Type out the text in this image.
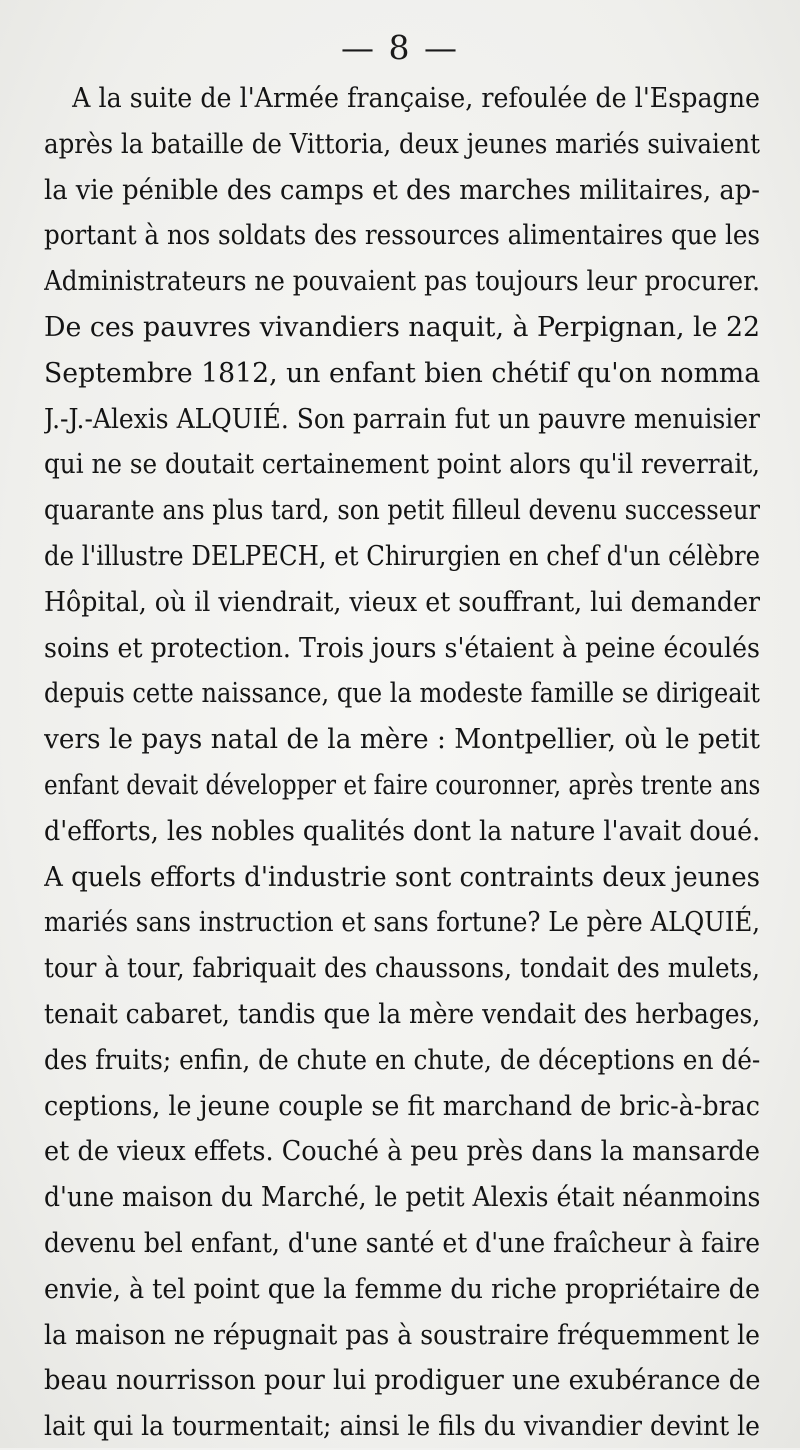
— 8 —
A la suite de l'Armée française, refoulée de l'Espagne
après la bataille de Vittoria, deux jeunes mariés suivaient
la vie pénible des camps et des marches militaires, ap-
portant à nos soldats des ressources alimentaires que les
Administrateurs ne pouvaient pas toujours leur procurer.
De ces pauvres vivandiers naquit, à Perpignan, le 22
Septembre 1812, un enfant bien chétif qu'on nomma
J.-J.-Alexis ALQUIÉ. Son parrain fut un pauvre menuisier
qui ne se doutait certainement point alors qu'il reverrait,
quarante ans plus tard, son petit filleul devenu successeur
de l'illustre DELPECH, et Chirurgien en chef d'un célèbre
Hôpital, où il viendrait, vieux et souffrant, lui demander
soins et protection. Trois jours s'étaient à peine écoulés
depuis cette naissance, que la modeste famille se dirigeait
vers le pays natal de la mère : Montpellier, où le petit
enfant devait développer et faire couronner, après trente ans
d'efforts, les nobles qualités dont la nature l'avait doué.
A quels efforts d'industrie sont contraints deux jeunes
mariés sans instruction et sans fortune? Le père ALQUIÉ,
tour à tour, fabriquait des chaussons, tondait des mulets,
tenait cabaret, tandis que la mère vendait des herbages,
des fruits; enfin, de chute en chute, de déceptions en dé-
ceptions, le jeune couple se fit marchand de bric-à-brac
et de vieux effets. Couché à peu près dans la mansarde
d'une maison du Marché, le petit Alexis était néanmoins
devenu bel enfant, d'une santé et d'une fraîcheur à faire
envie, à tel point que la femme du riche propriétaire de
la maison ne répugnait pas à soustraire fréquemment le
beau nourrisson pour lui prodiguer une exubérance de
lait qui la tourmentait; ainsi le fils du vivandier devint le
